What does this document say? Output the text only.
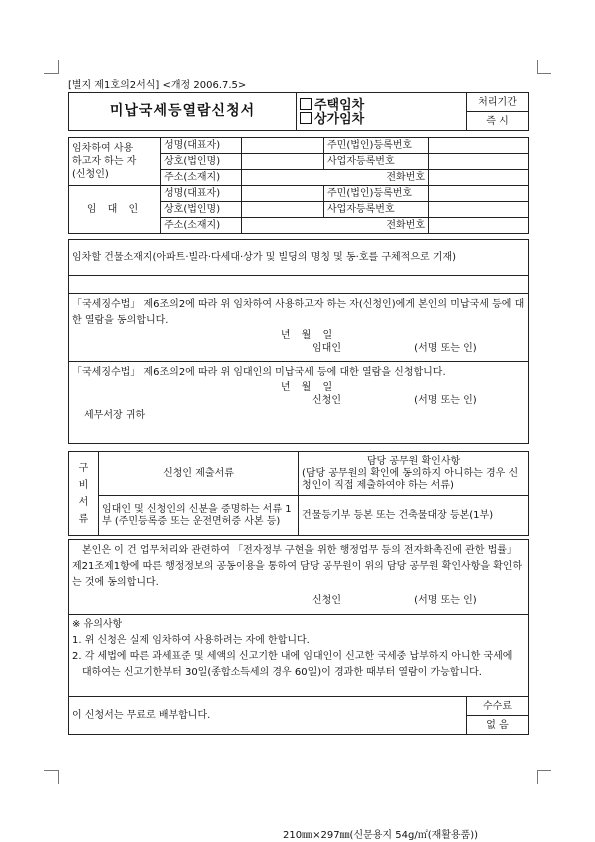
[별지 제1호의2서식] <개정 2006.7.5>
미납국세등열람신청서	주택임차
상가임차
	처리기간
즉 시
임차하여 사용
하고자 하는 자
(신청인)	성명(대표자)		주민(법인)등록번호	
	상호(법인명)		사업자등록번호	
	주소(소재지)	전화번호		
임 대 인	성명(대표자)		주민(법인)등록번호	
	상호(법인명)		사업자등록번호	
	주소(소재지)	전화번호		
임차할 건물소재지(아파트·빌라·다세대·상가 및 빌딩의 명칭 및 동·호를 구체적으로 기재)

「국세징수법」 제6조의2에 따라 위 임차하여 사용하고자 하는 자(신청인)에게 본인의 미납국세 등에 대한 열람을 동의합니다.
년 월 일
임대인	(서명 또는 인)

「국세징수법」 제6조의2에 따라 위 임대인의 미납국세 등에 대한 열람을 신청합니다.
년 월 일
신청인	(서명 또는 인)
세무서장 귀하
구비서류	신청인 제출서류	담당 공무원 확인사항
(담당 공무원의 확인에 동의하지 아니하는 경우 신청인이 직접 제출하여야 하는 서류)

	임대인 및 신청인의 신분을 증명하는 서류 1부 (주민등록증 또는 운전면허증 사본 등)	건물등기부 등본 또는 건축물대장 등본(1부)
본인은 이 건 업무처리와 관련하여 「전자정부 구현을 위한 행정업무 등의 전자화촉진에 관한 법률」 제21조제1항에 따른 행정정보의 공동이용을 통하여 담당 공무원이 위의 담당 공무원 확인사항을 확인하는 것에 동의합니다.
신청인	(서명 또는 인)

※ 유의사항
1. 위 신청은 실제 임차하여 사용하려는 자에 한합니다.
2. 각 세법에 따른 과세표준 및 세액의 신고기한 내에 임대인이 신고한 국세중 납부하지 아니한 국세에 대하여는 신고기한부터 30일(종합소득세의 경우 60일)이 경과한 때부터 열람이 가능합니다.
이 신청서는 무료로 배부합니다.	수수료
없 음
210㎜×297㎜(신문용지 54g/㎡(재활용품))
